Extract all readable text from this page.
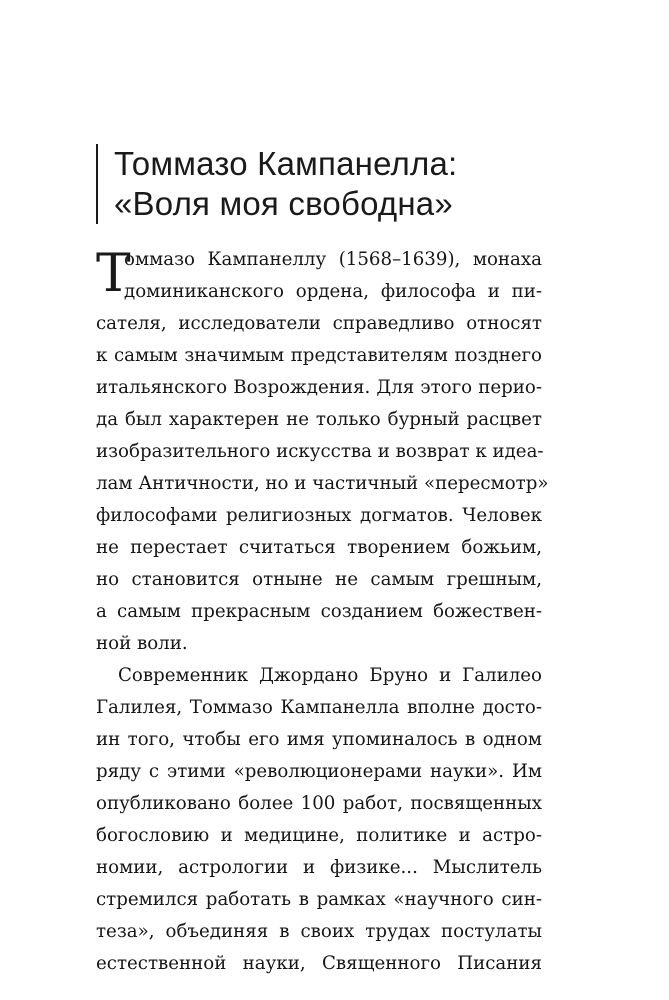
Томмазо Кампанелла:
«Воля моя свободна»
Т
оммазо Кампанеллу (1568–1639), монаха
доминиканского ордена, философа и пи-
сателя, исследователи справедливо относят
к самым значимым представителям позднего
итальянского Возрождения. Для этого перио-
да был характерен не только бурный расцвет
изобразительного искусства и возврат к идеа-
лам Античности, но и частичный «пересмотр»
философами религиозных догматов. Человек
не перестает считаться творением божьим,
но становится отныне не самым грешным,
а самым прекрасным созданием божествен-
ной воли.
Современник Джордано Бруно и Галилео
Галилея, Томмазо Кампанелла вполне досто-
ин того, чтобы его имя упоминалось в одном
ряду с этими «революционерами науки». Им
опубликовано более 100 работ, посвященных
богословию и медицине, политике и астро-
номии, астрологии и физике... Мыслитель
стремился работать в рамках «научного син-
теза», объединяя в своих трудах постулаты
естественной науки, Священного Писания
